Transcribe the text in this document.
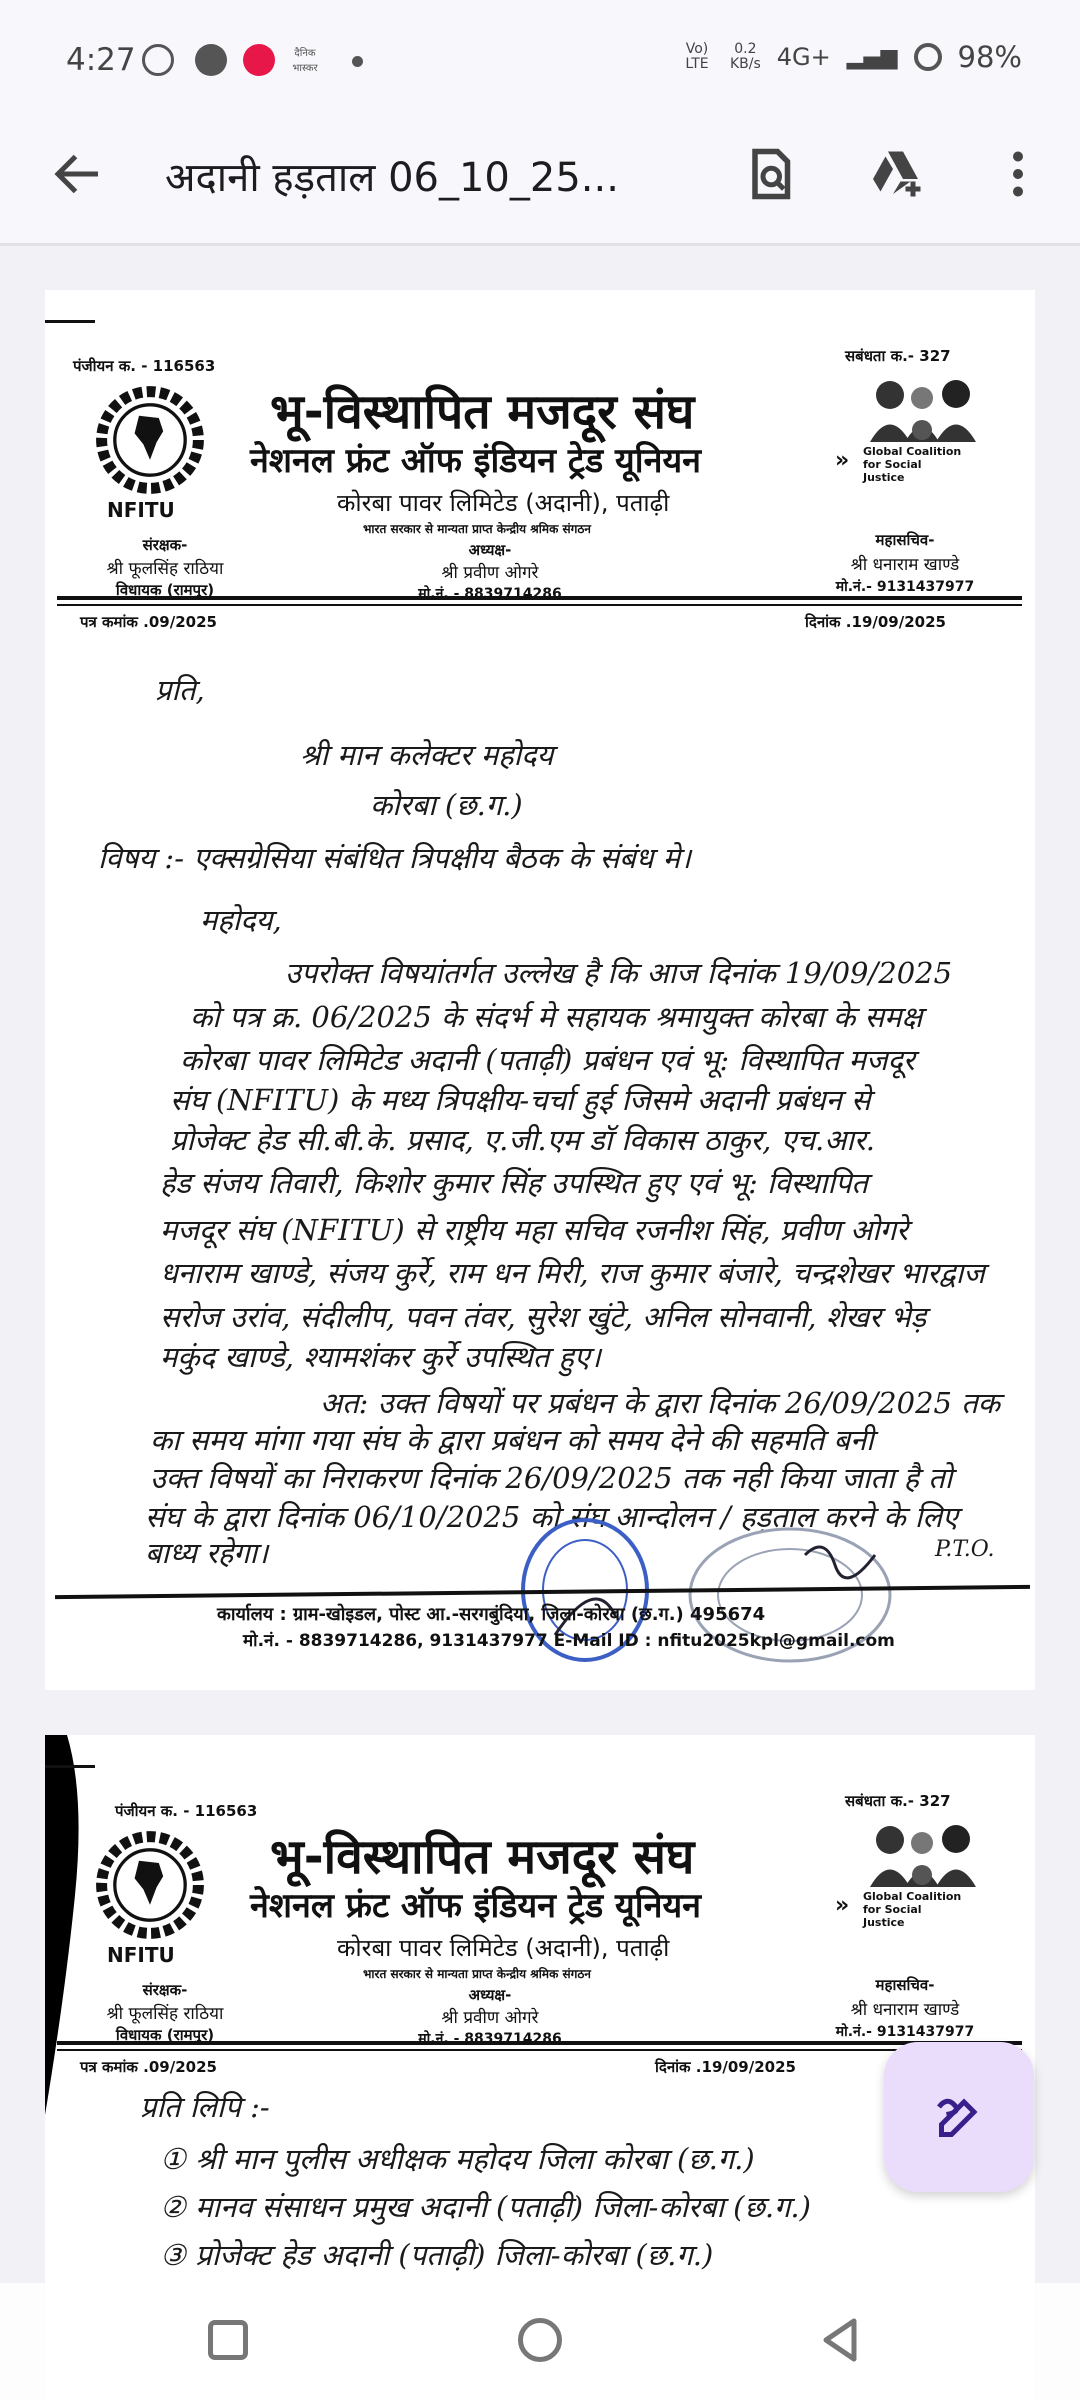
4:27	दैनिक भास्कर
Vo) LTE
0.2
KB/s 4G+ ▂▄▆ 98%
अदानी हड़ताल 06_10_25...
पंजीयन क. - 116563
NFITU
भू-विस्थापित मजदूर संघ
नेशनल फ्रंट ऑफ इंडियन ट्रेड यूनियन
कोरबा पावर लिमिटेड (अदानी), पताढ़ी
भारत सरकार से मान्यता प्राप्त केन्द्रीय श्रमिक संगठन
सबंधता क.- 327
» Global Coalition for Social Justice
संरक्षक-
श्री फूलसिंह राठिया
विधायक (रामपुर)
अध्यक्ष-
श्री प्रवीण ओगरे
मो.नं. - 8839714286
महासचिव-
श्री धनाराम खाण्डे
मो.नं.- 9131437977
पत्र कमांक .09/2025	दिनांक .19/09/2025
प्रति,
श्री मान कलेक्टर महोदय
कोरबा (छ.ग.)
विषय :- एक्सग्रेसिया संबंधित त्रिपक्षीय बैठक के संबंध मे।
महोदय,
उपरोक्त विषयांतर्गत उल्लेख है कि आज दिनांक 19/09/2025
को पत्र क्र. 06/2025 के संदर्भ मे सहायक श्रमायुक्त कोरबा के समक्ष
कोरबा पावर लिमिटेड अदानी (पताढ़ी) प्रबंधन एवं भू: विस्थापित मजदूर
संघ (NFITU) के मध्य त्रिपक्षीय-चर्चा हुई जिसमे अदानी प्रबंधन से
प्रोजेक्ट हेड सी.बी.के. प्रसाद, ए.जी.एम डॉ विकास ठाकुर, एच.आर.
हेड संजय तिवारी, किशोर कुमार सिंह उपस्थित हुए एवं भू: विस्थापित
मजदूर संघ (NFITU) से राष्ट्रीय महा सचिव रजनीश सिंह, प्रवीण ओगरे
धनाराम खाण्डे, संजय कुर्रे, राम धन मिरी, राज कुमार बंजारे, चन्द्रशेखर भारद्वाज
सरोज उरांव, संदीलीप, पवन तंवर, सुरेश खुंटे, अनिल सोनवानी, शेखर भेड़
मकुंद खाण्डे, श्यामशंकर कुर्रे उपस्थित हुए।
अत: उक्त विषयों पर प्रबंधन के द्वारा दिनांक 26/09/2025 तक
का समय मांगा गया संघ के द्वारा प्रबंधन को समय देने की सहमति बनी
उक्त विषयों का निराकरण दिनांक 26/09/2025 तक नही किया जाता है तो
संघ के द्वारा दिनांक 06/10/2025 को संघ आन्दोलन / हड़ताल करने के लिए
बाध्य रहेगा।	P.T.O.
कार्यालय : ग्राम-खोइडल, पोस्ट आ.-सरगबुंदिया, जिला-कोरबा (छ.ग.) 495674
मो.नं. - 8839714286, 9131437977 E-Mail ID : nfitu2025kpl@gmail.com
पंजीयन क. - 116563
NFITU
भू-विस्थापित मजदूर संघ
नेशनल फ्रंट ऑफ इंडियन ट्रेड यूनियन
कोरबा पावर लिमिटेड (अदानी), पताढ़ी
भारत सरकार से मान्यता प्राप्त केन्द्रीय श्रमिक संगठन
सबंधता क.- 327
» Global Coalition for Social Justice
संरक्षक-
श्री फूलसिंह राठिया
विधायक (रामपुर)
अध्यक्ष-
श्री प्रवीण ओगरे
मो.नं. - 8839714286
महासचिव-
श्री धनाराम खाण्डे
मो.नं.- 9131437977
पत्र कमांक .09/2025	दिनांक .19/09/2025
प्रति लिपि :-
① श्री मान पुलीस अधीक्षक महोदय जिला कोरबा (छ.ग.)
② मानव संसाधन प्रमुख अदानी (पताढ़ी) जिला-कोरबा (छ.ग.)
③ प्रोजेक्ट हेड अदानी (पताढ़ी) जिला-कोरबा (छ.ग.)
